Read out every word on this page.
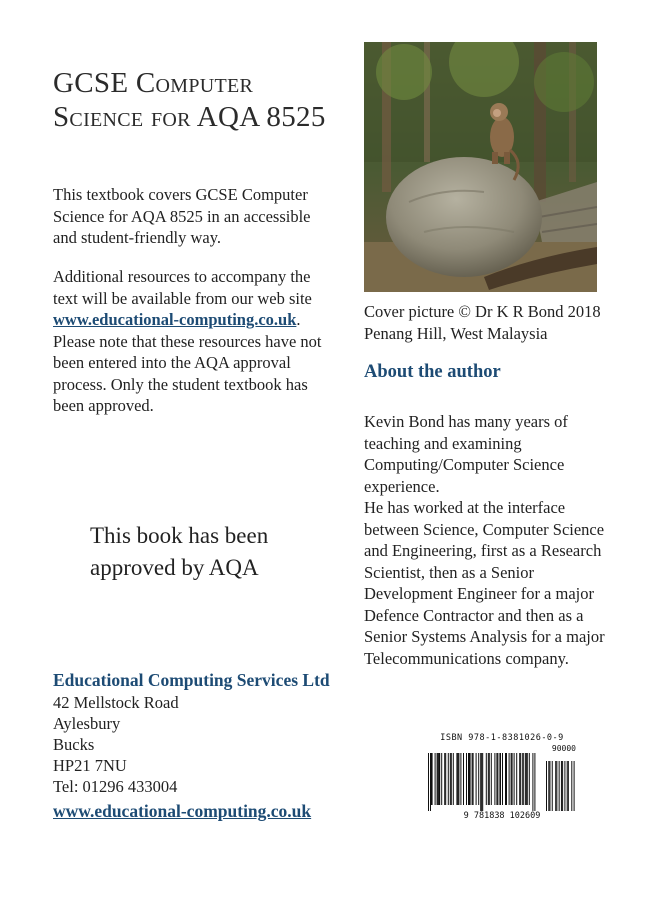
GCSE Computer
Science for AQA 8525
This textbook covers GCSE Computer Science for AQA 8525 in an accessible and student-friendly way.
Additional resources to accompany the text will be available from our web site www.educational-computing.co.uk. Please note that these resources have not been entered into the AQA approval process. Only the student textbook has been approved.
This book has been
approved by AQA
Educational Computing Services Ltd
42 Mellstock Road
Aylesbury
Bucks
HP21 7NU
Tel: 01296 433004
www.educational-computing.co.uk
Cover picture © Dr K R Bond 2018
Penang Hill, West Malaysia
About the author
Kevin Bond has many years of teaching and examining Computing/Computer Science experience.
He has worked at the interface between Science, Computer Science and Engineering, first as a Research Scientist, then as a Senior Development Engineer for a major Defence Contractor and then as a Senior Systems Analysis for a major Telecommunications company.
ISBN 978-1-8381026-0-9
90000
9 781838 102609
